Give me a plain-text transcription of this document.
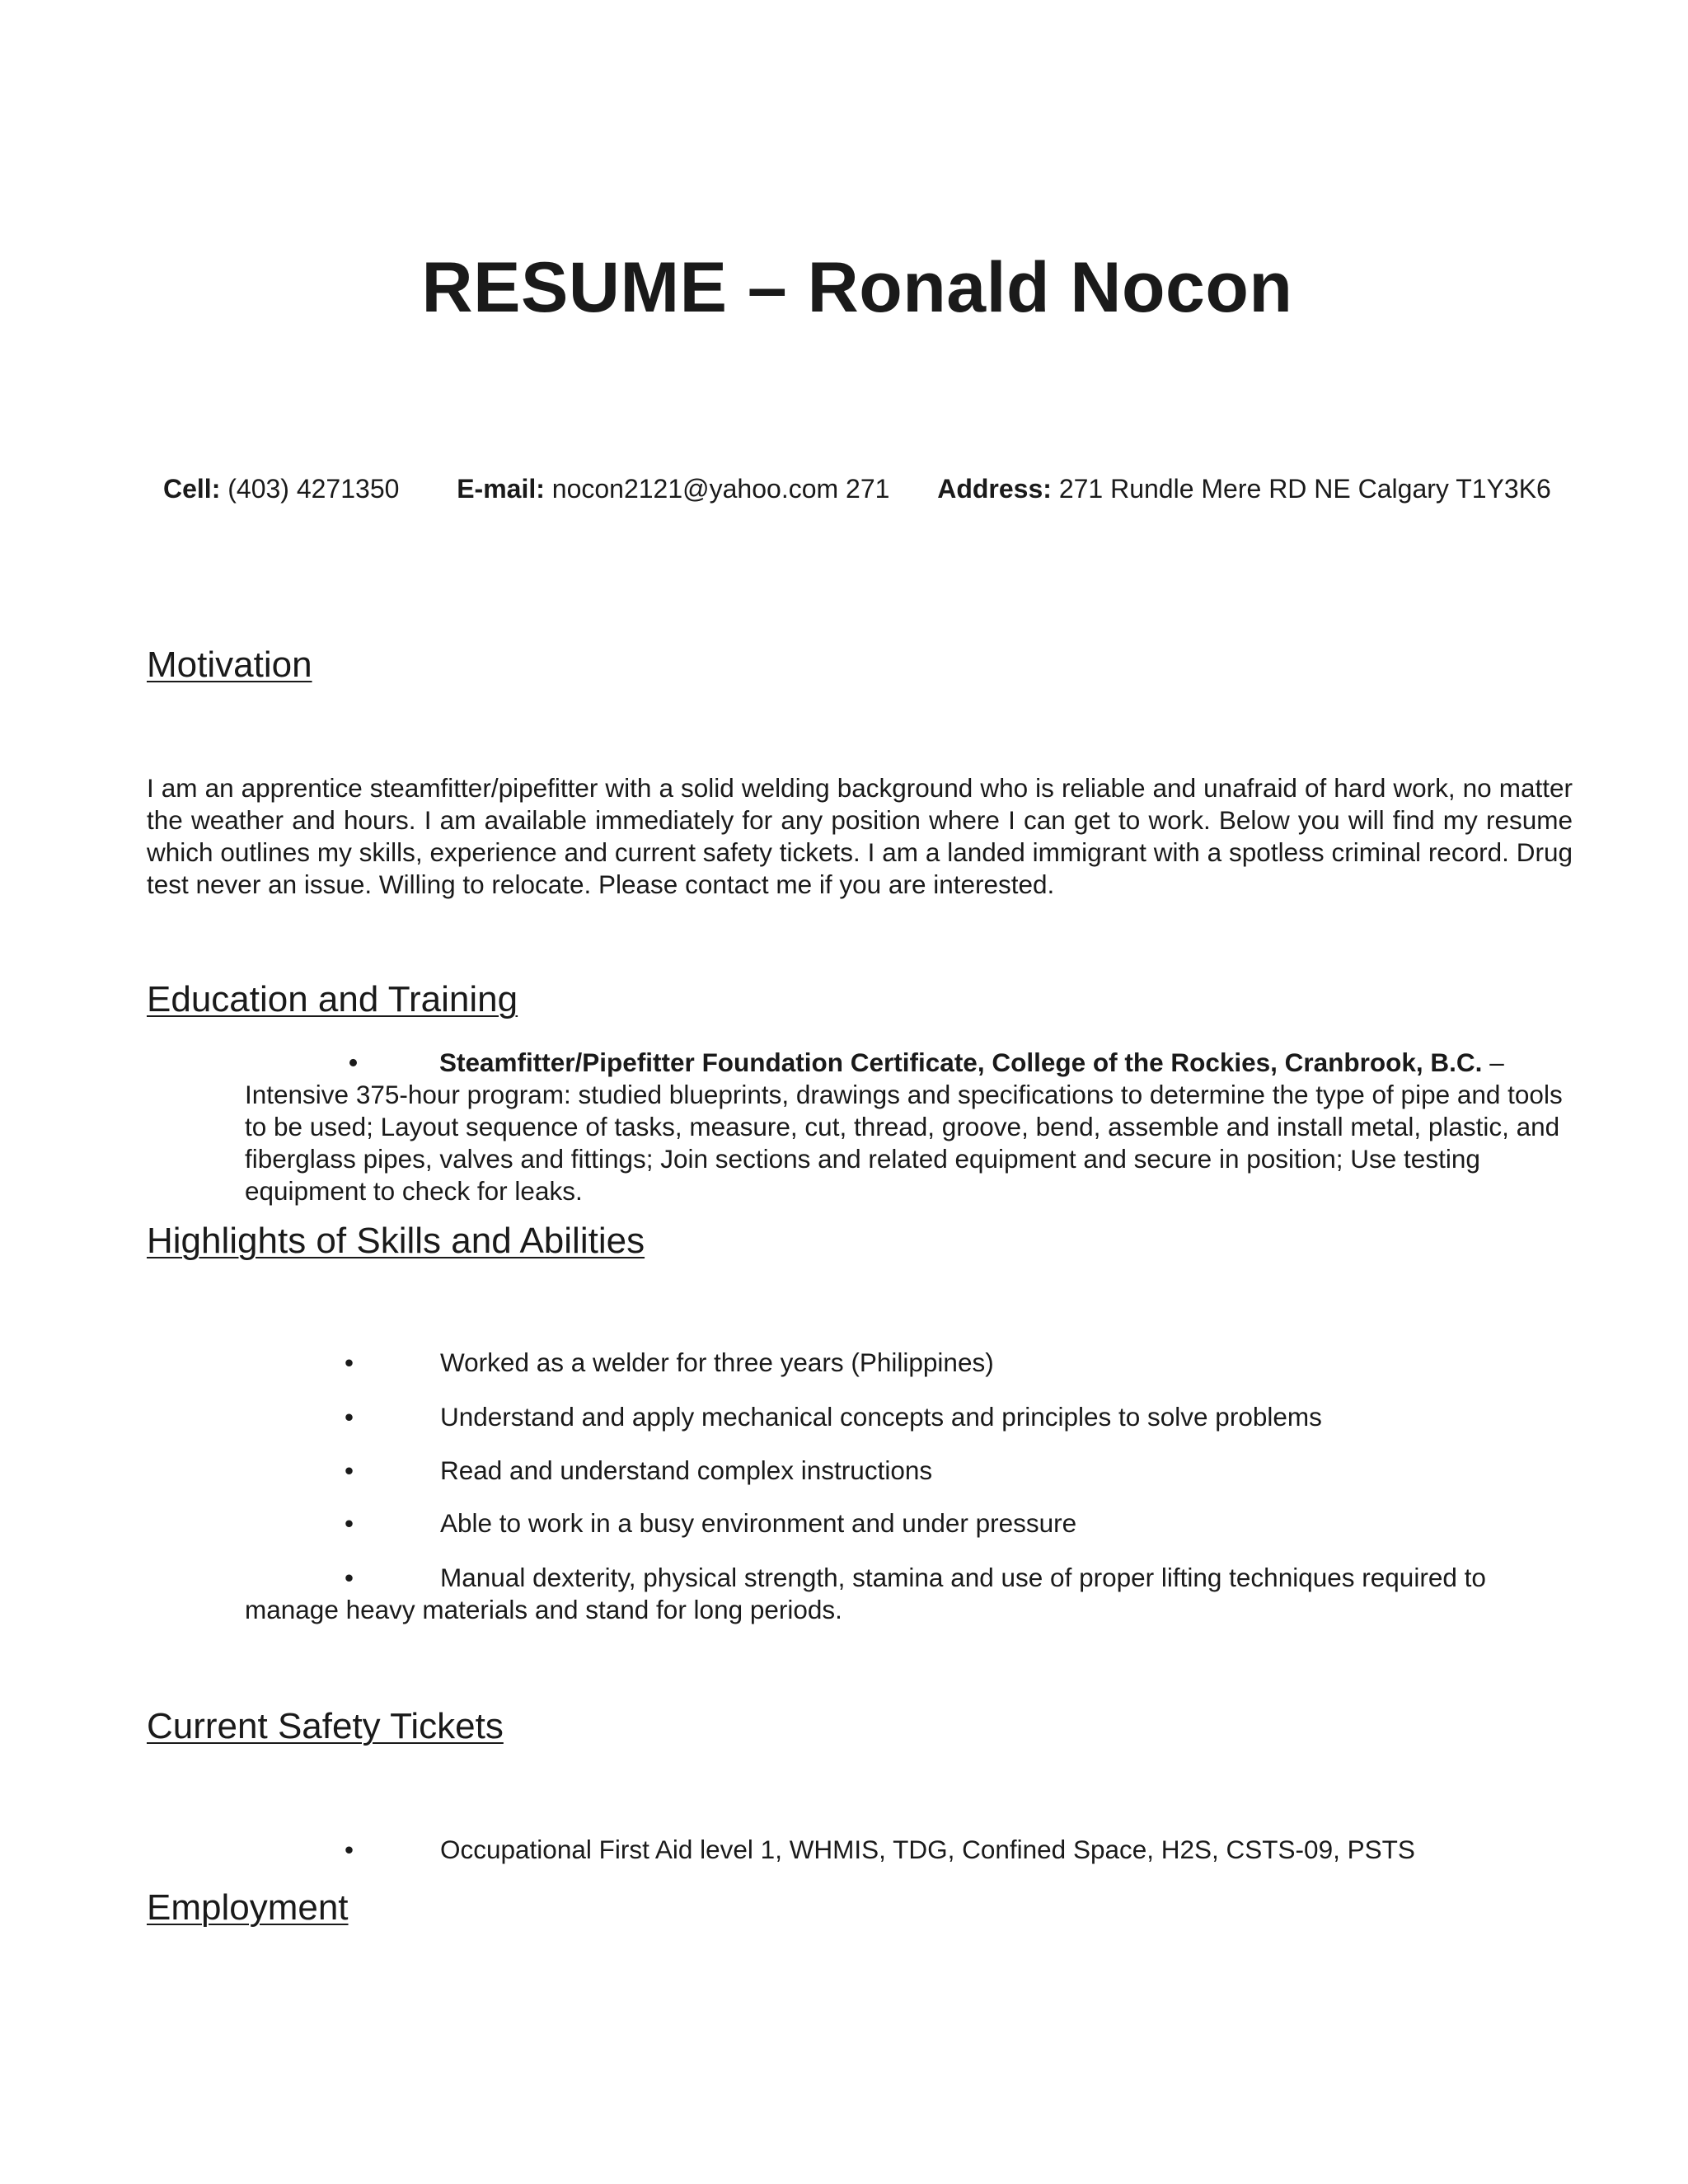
RESUME – Ronald Nocon
Cell: (403) 4271350 E-mail: nocon2121@yahoo.com 271 Address: 271 Rundle Mere RD NE Calgary T1Y3K6
Motivation

I am an apprentice steamfitter/pipefitter with a solid welding background who is reliable and unafraid of hard work, no matter the weather and hours. I am available immediately for any position where I can get to work. Below you will find my resume which outlines my skills, experience and current safety tickets. I am a landed immigrant with a spotless criminal record. Drug test never an issue. Willing to relocate. Please contact me if you are interested.

Education and Training

•	Steamfitter/Pipefitter Foundation Certificate, College of the Rockies, Cranbrook, B.C. – Intensive 375-hour program: studied blueprints, drawings and specifications to determine the type of pipe and tools to be used; Layout sequence of tasks, measure, cut, thread, groove, bend, assemble and install metal, plastic, and fiberglass pipes, valves and fittings; Join sections and related equipment and secure in position; Use testing equipment to check for leaks.

Highlights of Skills and Abilities

•	Worked as a welder for three years (Philippines)

•	Understand and apply mechanical concepts and principles to solve problems

•	Read and understand complex instructions

•	Able to work in a busy environment and under pressure

•	Manual dexterity, physical strength, stamina and use of proper lifting techniques required to
manage heavy materials and stand for long periods.

Current Safety Tickets

•	Occupational First Aid level 1, WHMIS, TDG, Confined Space, H2S, CSTS-09, PSTS

Employment
